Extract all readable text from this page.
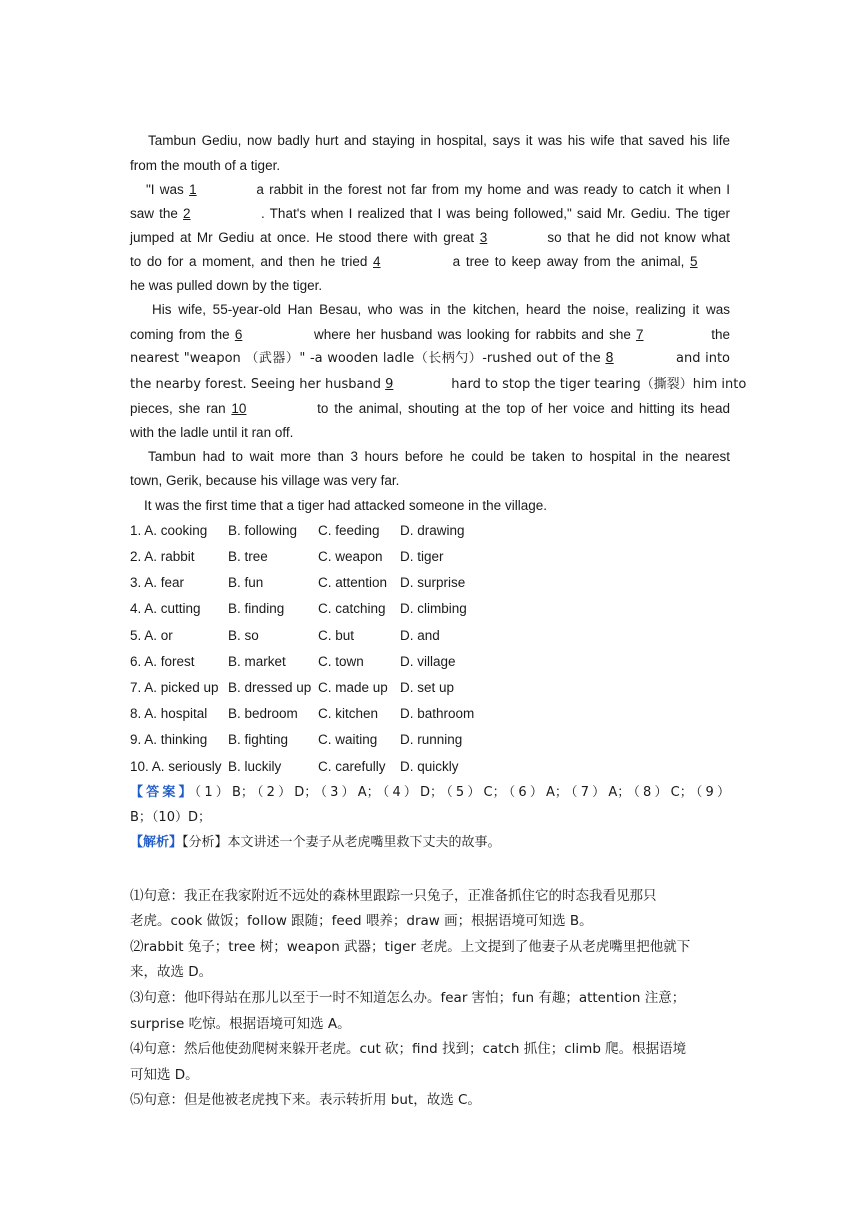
Tambun Gediu, now badly hurt and staying in hospital, says it was his wife that saved his life
from the mouth of a tiger.
"I was 1	a rabbit in the forest not far from my home and was ready to catch it when I
saw the 2	. That's when I realized that I was being followed," said Mr. Gediu. The tiger
jumped at Mr Gediu at once. He stood there with great 3	so that he did not know what
to do for a moment, and then he tried 4	a tree to keep away from the animal, 5
he was pulled down by the tiger.
His wife, 55-year-old Han Besau, who was in the kitchen, heard the noise, realizing it was
coming from the 6	where her husband was looking for rabbits and she 7	the
nearest "weapon （武器）" -a wooden ladle（长柄勺）-rushed out of the 8	and into
the nearby forest. Seeing her husband 9	hard to stop the tiger tearing（撕裂）him into
pieces, she ran 10	to the animal, shouting at the top of her voice and hitting its head
with the ladle until it ran off.
Tambun had to wait more than 3 hours before he could be taken to hospital in the nearest
town, Gerik, because his village was very far.
It was the first time that a tiger had attacked someone in the village.
1. A. cooking B. following C. feeding D. drawing
2. A. rabbit B. tree	C. weapon D. tiger
3. A. fear	B. fun	C. attention D. surprise
4. A. cutting B. finding C. catching D. climbing
5. A. or	B. so	C. but	D. and
6. A. forest B. market C. town	D. village
7. A. picked up B. dressed up C. made up D. set up
8. A. hospital B. bedroom C. kitchen D. bathroom
9. A. thinking B. fighting C. waiting D. running
10. A. seriously B. luckily	C. carefully D. quickly
【答案】（1）B；（2）D；（3）A；（4）D；（5）C；（6）A；（7）A；（8）C；（9）
B；（10）D；
【解析】【分析】本文讲述一个妻子从老虎嘴里救下丈夫的故事。
⑴句意：我正在我家附近不远处的森林里跟踪一只兔子，正准备抓住它的时态我看见那只
老虎。cook 做饭；follow 跟随；feed 喂养；draw 画；根据语境可知选 B。
⑵rabbit 兔子；tree 树；weapon 武器；tiger 老虎。上文提到了他妻子从老虎嘴里把他就下
来，故选 D。
⑶句意：他吓得站在那儿以至于一时不知道怎么办。fear 害怕；fun 有趣；attention 注意；
surprise 吃惊。根据语境可知选 A。
⑷句意：然后他使劲爬树来躲开老虎。cut 砍；find 找到；catch 抓住；climb 爬。根据语境
可知选 D。
⑸句意：但是他被老虎拽下来。表示转折用 but，故选 C。
